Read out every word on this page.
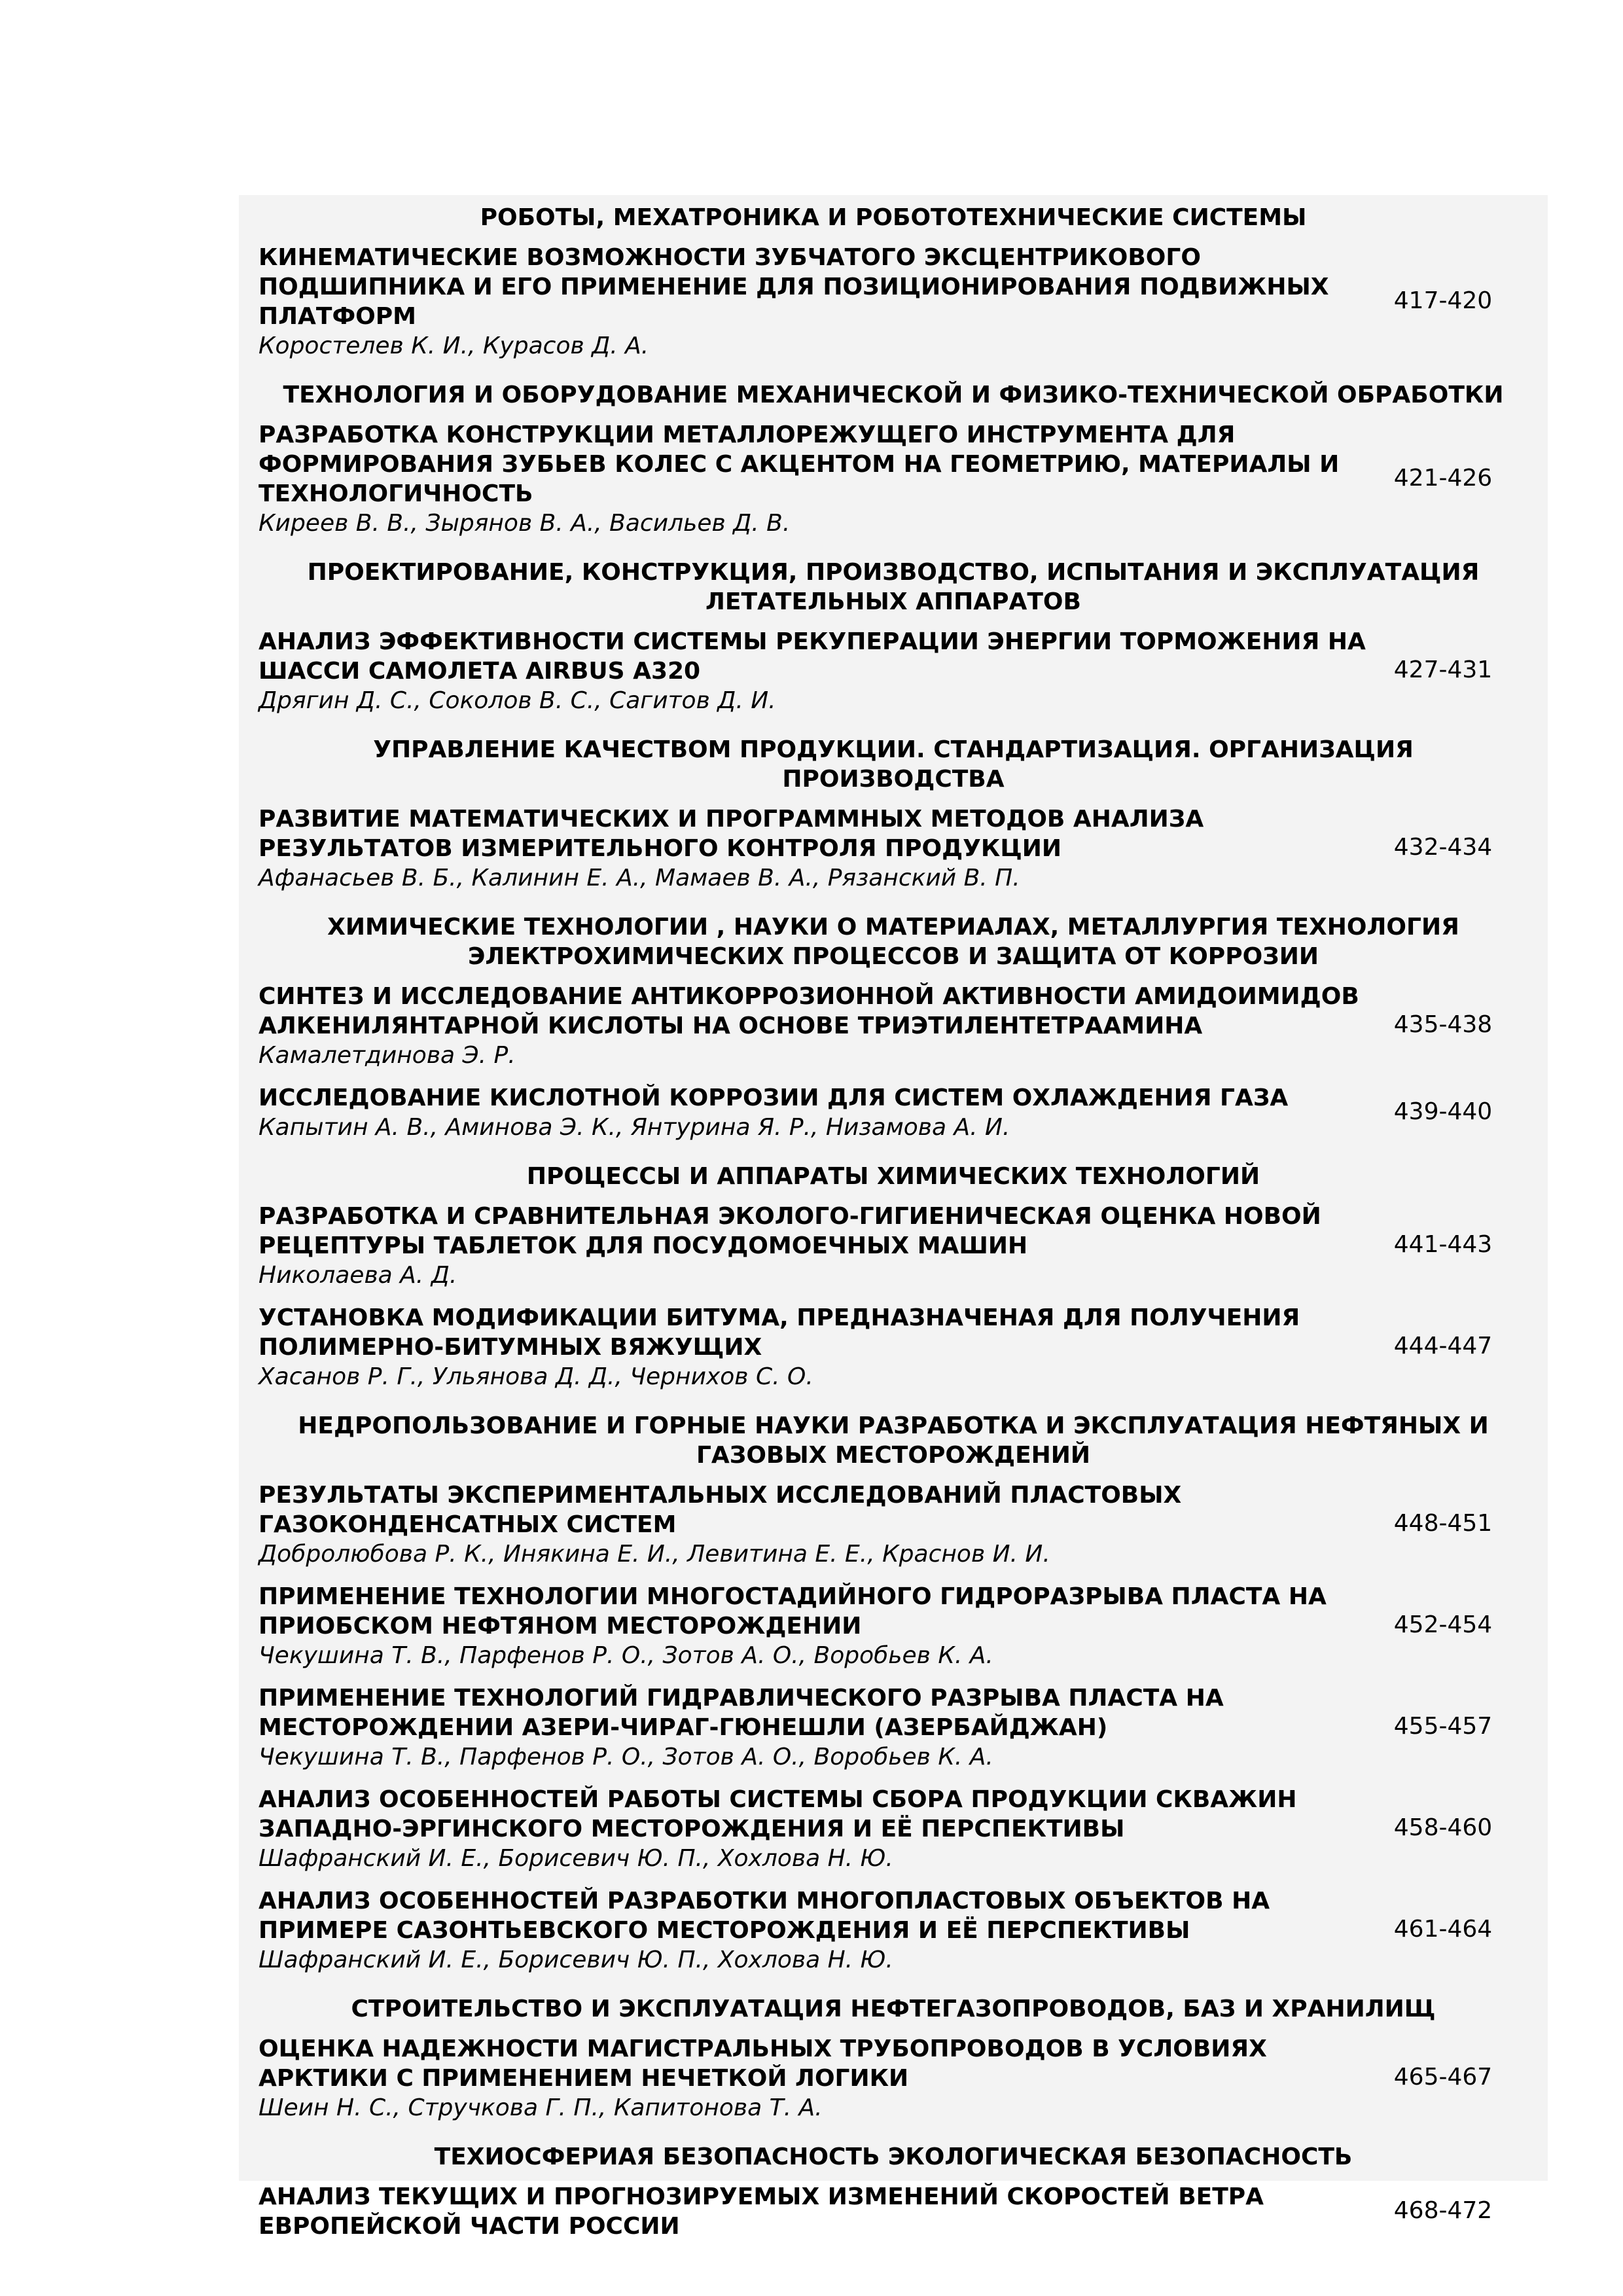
РОБОТЫ, МЕХАТРОНИКА И РОБОТОТЕХНИЧЕСКИЕ СИСТЕМЫ
КИНЕМАТИЧЕСКИЕ ВОЗМОЖНОСТИ ЗУБЧАТОГО ЭКСЦЕНТРИКОВОГО ПОДШИПНИКА И ЕГО ПРИМЕНЕНИЕ ДЛЯ ПОЗИЦИОНИРОВАНИЯ ПОДВИЖНЫХ ПЛАТФОРМ
Коростелев К. И., Курасов Д. А.
417-420
ТЕХНОЛОГИЯ И ОБОРУДОВАНИЕ МЕХАНИЧЕСКОЙ И ФИЗИКО-ТЕХНИЧЕСКОЙ ОБРАБОТКИ
РАЗРАБОТКА КОНСТРУКЦИИ МЕТАЛЛОРЕЖУЩЕГО ИНСТРУМЕНТА ДЛЯ ФОРМИРОВАНИЯ ЗУБЬЕВ КОЛЕС С АКЦЕНТОМ НА ГЕОМЕТРИЮ, МАТЕРИАЛЫ И ТЕХНОЛОГИЧНОСТЬ
Киреев В. В., Зырянов В. А., Васильев Д. В.
421-426
ПРОЕКТИРОВАНИЕ, КОНСТРУКЦИЯ, ПРОИЗВОДСТВО, ИСПЫТАНИЯ И ЭКСПЛУАТАЦИЯ ЛЕТАТЕЛЬНЫХ АППАРАТОВ
АНАЛИЗ ЭФФЕКТИВНОСТИ СИСТЕМЫ РЕКУПЕРАЦИИ ЭНЕРГИИ ТОРМОЖЕНИЯ НА ШАССИ САМОЛЕТА AIRBUS A320
Дрягин Д. С., Соколов В. С., Сагитов Д. И.
427-431
УПРАВЛЕНИЕ КАЧЕСТВОМ ПРОДУКЦИИ. СТАНДАРТИЗАЦИЯ. ОРГАНИЗАЦИЯ ПРОИЗВОДСТВА
РАЗВИТИЕ МАТЕМАТИЧЕСКИХ И ПРОГРАММНЫХ МЕТОДОВ АНАЛИЗА РЕЗУЛЬТАТОВ ИЗМЕРИТЕЛЬНОГО КОНТРОЛЯ ПРОДУКЦИИ
Афанасьев В. Б., Калинин Е. А., Мамаев В. А., Рязанский В. П.
432-434
ХИМИЧЕСКИЕ ТЕХНОЛОГИИ , НАУКИ О МАТЕРИАЛАХ, МЕТАЛЛУРГИЯ ТЕХНОЛОГИЯ ЭЛЕКТРОХИМИЧЕСКИХ ПРОЦЕССОВ И ЗАЩИТА ОТ КОРРОЗИИ
СИНТЕЗ И ИССЛЕДОВАНИЕ АНТИКОРРОЗИОННОЙ АКТИВНОСТИ АМИДОИМИДОВ АЛКЕНИЛЯНТАРНОЙ КИСЛОТЫ НА ОСНОВЕ ТРИЭТИЛЕНТЕТРААМИНА
Камалетдинова Э. Р.
435-438
ИССЛЕДОВАНИЕ КИСЛОТНОЙ КОРРОЗИИ ДЛЯ СИСТЕМ ОХЛАЖДЕНИЯ ГАЗА
Капытин А. В., Аминова Э. К., Янтурина Я. Р., Низамова А. И.
439-440
ПРОЦЕССЫ И АППАРАТЫ ХИМИЧЕСКИХ ТЕХНОЛОГИЙ
РАЗРАБОТКА И СРАВНИТЕЛЬНАЯ ЭКОЛОГО-ГИГИЕНИЧЕСКАЯ ОЦЕНКА НОВОЙ РЕЦЕПТУРЫ ТАБЛЕТОК ДЛЯ ПОСУДОМОЕЧНЫХ МАШИН
Николаева А. Д.
441-443
УСТАНОВКА МОДИФИКАЦИИ БИТУМА, ПРЕДНАЗНАЧЕНАЯ ДЛЯ ПОЛУЧЕНИЯ ПОЛИМЕРНО-БИТУМНЫХ ВЯЖУЩИХ
Хасанов Р. Г., Ульянова Д. Д., Чернихов С. О.
444-447
НЕДРОПОЛЬЗОВАНИЕ И ГОРНЫЕ НАУКИ РАЗРАБОТКА И ЭКСПЛУАТАЦИЯ НЕФТЯНЫХ И ГАЗОВЫХ МЕСТОРОЖДЕНИЙ
РЕЗУЛЬТАТЫ ЭКСПЕРИМЕНТАЛЬНЫХ ИССЛЕДОВАНИЙ ПЛАСТОВЫХ ГАЗОКОНДЕНСАТНЫХ СИСТЕМ
Добролюбова Р. К., Инякина Е. И., Левитина Е. Е., Краснов И. И.
448-451
ПРИМЕНЕНИЕ ТЕХНОЛОГИИ МНОГОСТАДИЙНОГО ГИДРОРАЗРЫВА ПЛАСТА НА ПРИОБСКОМ НЕФТЯНОМ МЕСТОРОЖДЕНИИ
Чекушина Т. В., Парфенов Р. О., Зотов А. О., Воробьев К. А.
452-454
ПРИМЕНЕНИЕ ТЕХНОЛОГИЙ ГИДРАВЛИЧЕСКОГО РАЗРЫВА ПЛАСТА НА МЕСТОРОЖДЕНИИ АЗЕРИ-ЧИРАГ-ГЮНЕШЛИ (АЗЕРБАЙДЖАН)
Чекушина Т. В., Парфенов Р. О., Зотов А. О., Воробьев К. А.
455-457
АНАЛИЗ ОСОБЕННОСТЕЙ РАБОТЫ СИСТЕМЫ СБОРА ПРОДУКЦИИ СКВАЖИН ЗАПАДНО-ЭРГИНСКОГО МЕСТОРОЖДЕНИЯ И ЕЁ ПЕРСПЕКТИВЫ
Шафранский И. Е., Борисевич Ю. П., Хохлова Н. Ю.
458-460
АНАЛИЗ ОСОБЕННОСТЕЙ РАЗРАБОТКИ МНОГОПЛАСТОВЫХ ОБЪЕКТОВ НА ПРИМЕРЕ САЗОНТЬЕВСКОГО МЕСТОРОЖДЕНИЯ И ЕЁ ПЕРСПЕКТИВЫ
Шафранский И. Е., Борисевич Ю. П., Хохлова Н. Ю.
461-464
СТРОИТЕЛЬСТВО И ЭКСПЛУАТАЦИЯ НЕФТЕГАЗОПРОВОДОВ, БАЗ И ХРАНИЛИЩ
ОЦЕНКА НАДЕЖНОСТИ МАГИСТРАЛЬНЫХ ТРУБОПРОВОДОВ В УСЛОВИЯХ АРКТИКИ С ПРИМЕНЕНИЕМ НЕЧЕТКОЙ ЛОГИКИ
Шеин Н. С., Стручкова Г. П., Капитонова Т. А.
465-467
ТЕХИОСФЕРИАЯ БЕЗОПАСНОСТЬ ЭКОЛОГИЧЕСКАЯ БЕЗОПАСНОСТЬ
АНАЛИЗ ТЕКУЩИХ И ПРОГНОЗИРУЕМЫХ ИЗМЕНЕНИЙ СКОРОСТЕЙ ВЕТРА ЕВРОПЕЙСКОЙ ЧАСТИ РОССИИ
468-472
